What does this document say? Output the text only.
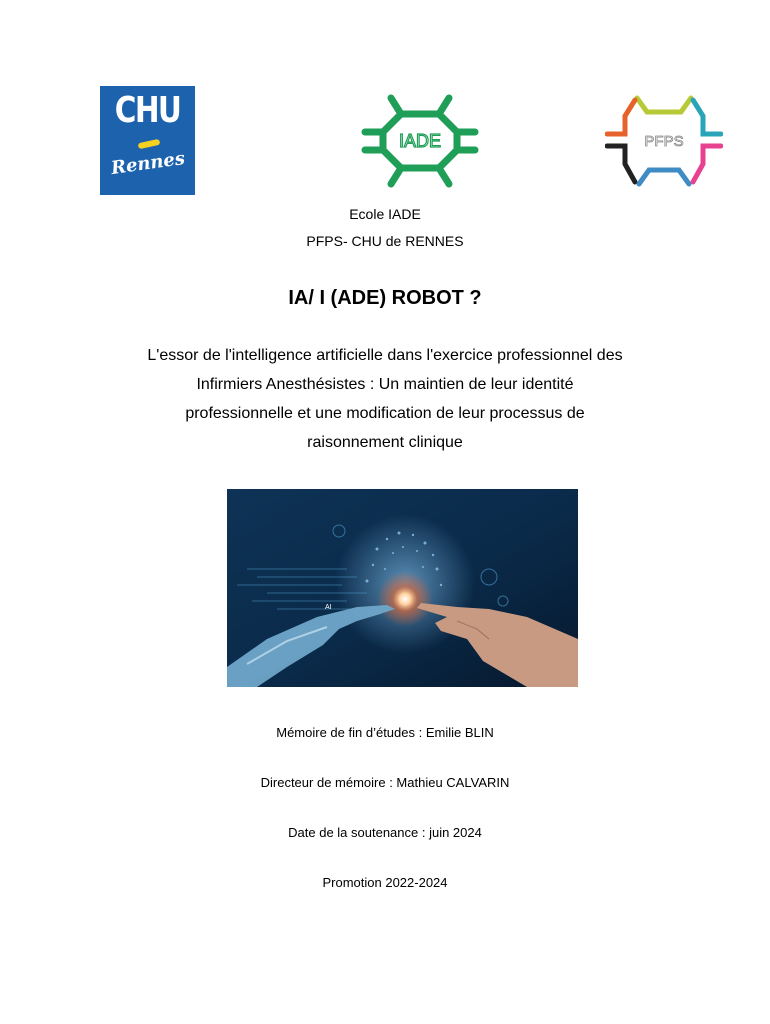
CHU
Rennes
IADE	PFPS
Ecole IADE
PFPS- CHU de RENNES
IA/ I (ADE) ROBOT ?
L'essor de l'intelligence artificielle dans l'exercice professionnel des
Infirmiers Anesthésistes : Un maintien de leur identité
professionnelle et une modification de leur processus de
raisonnement clinique
AI
Mémoire de fin d’études : Emilie BLIN
Directeur de mémoire : Mathieu CALVARIN
Date de la soutenance : juin 2024
Promotion 2022-2024
